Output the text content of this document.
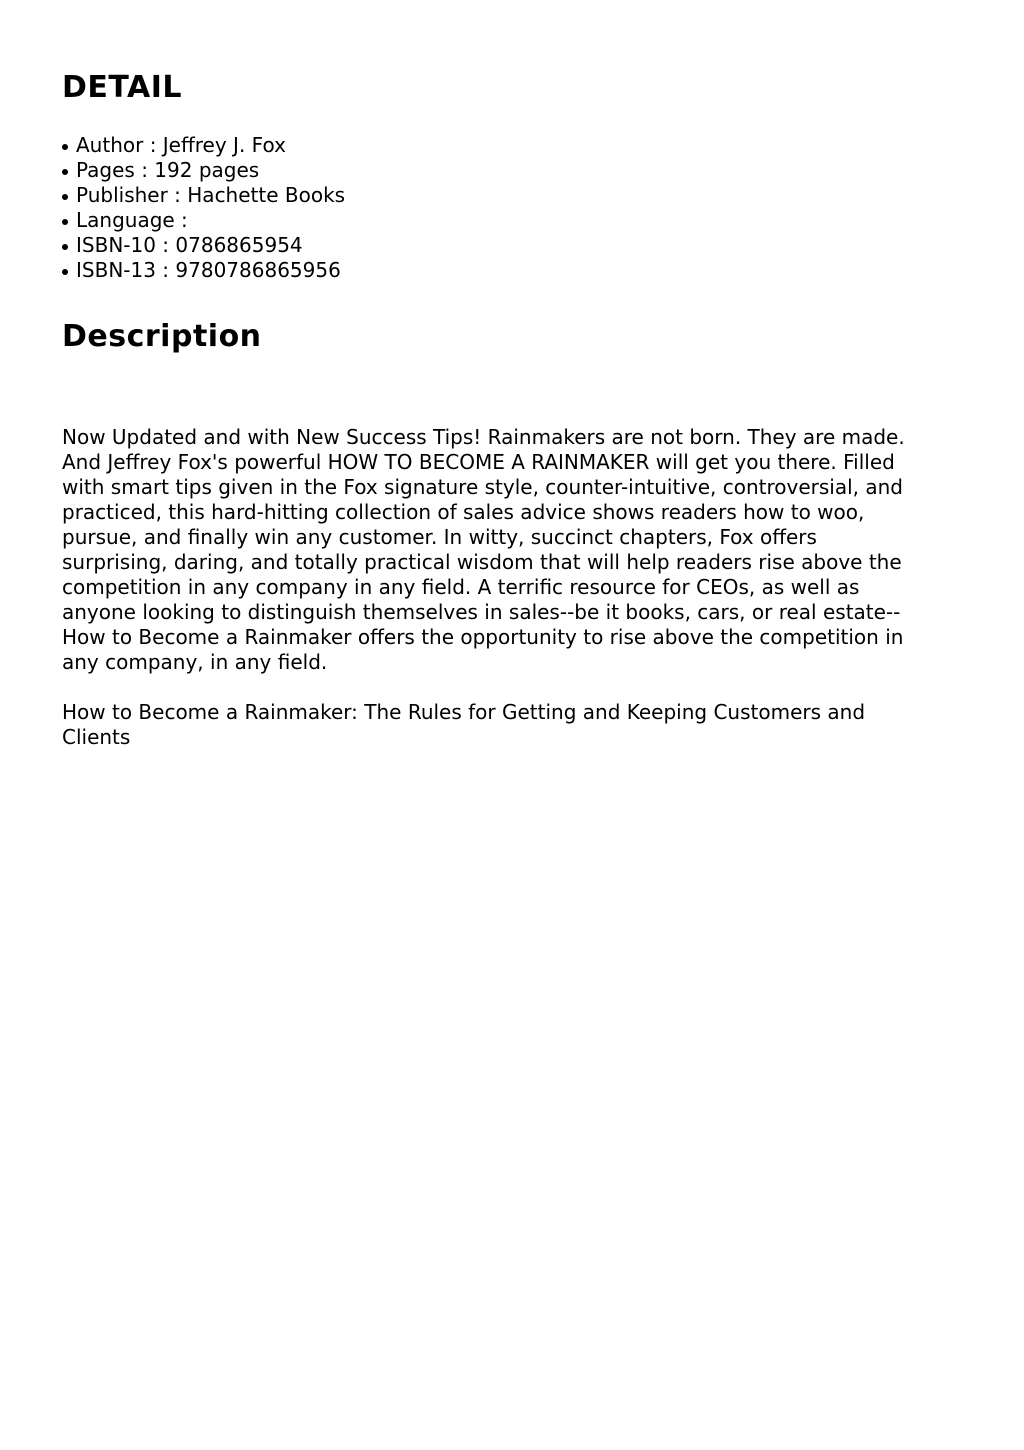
DETAIL
Author : Jeffrey J. Fox
Pages : 192 pages
Publisher : Hachette Books
Language :
ISBN-10 : 0786865954
ISBN-13 : 9780786865956
Description

Now Updated and with New Success Tips! Rainmakers are not born. They are made.
And Jeffrey Fox's powerful HOW TO BECOME A RAINMAKER will get you there. Filled
with smart tips given in the Fox signature style, counter-intuitive, controversial, and
practiced, this hard-hitting collection of sales advice shows readers how to woo,
pursue, and finally win any customer. In witty, succinct chapters, Fox offers
surprising, daring, and totally practical wisdom that will help readers rise above the
competition in any company in any field. A terrific resource for CEOs, as well as
anyone looking to distinguish themselves in sales--be it books, cars, or real estate--
How to Become a Rainmaker offers the opportunity to rise above the competition in
any company, in any field.

How to Become a Rainmaker: The Rules for Getting and Keeping Customers and
Clients
